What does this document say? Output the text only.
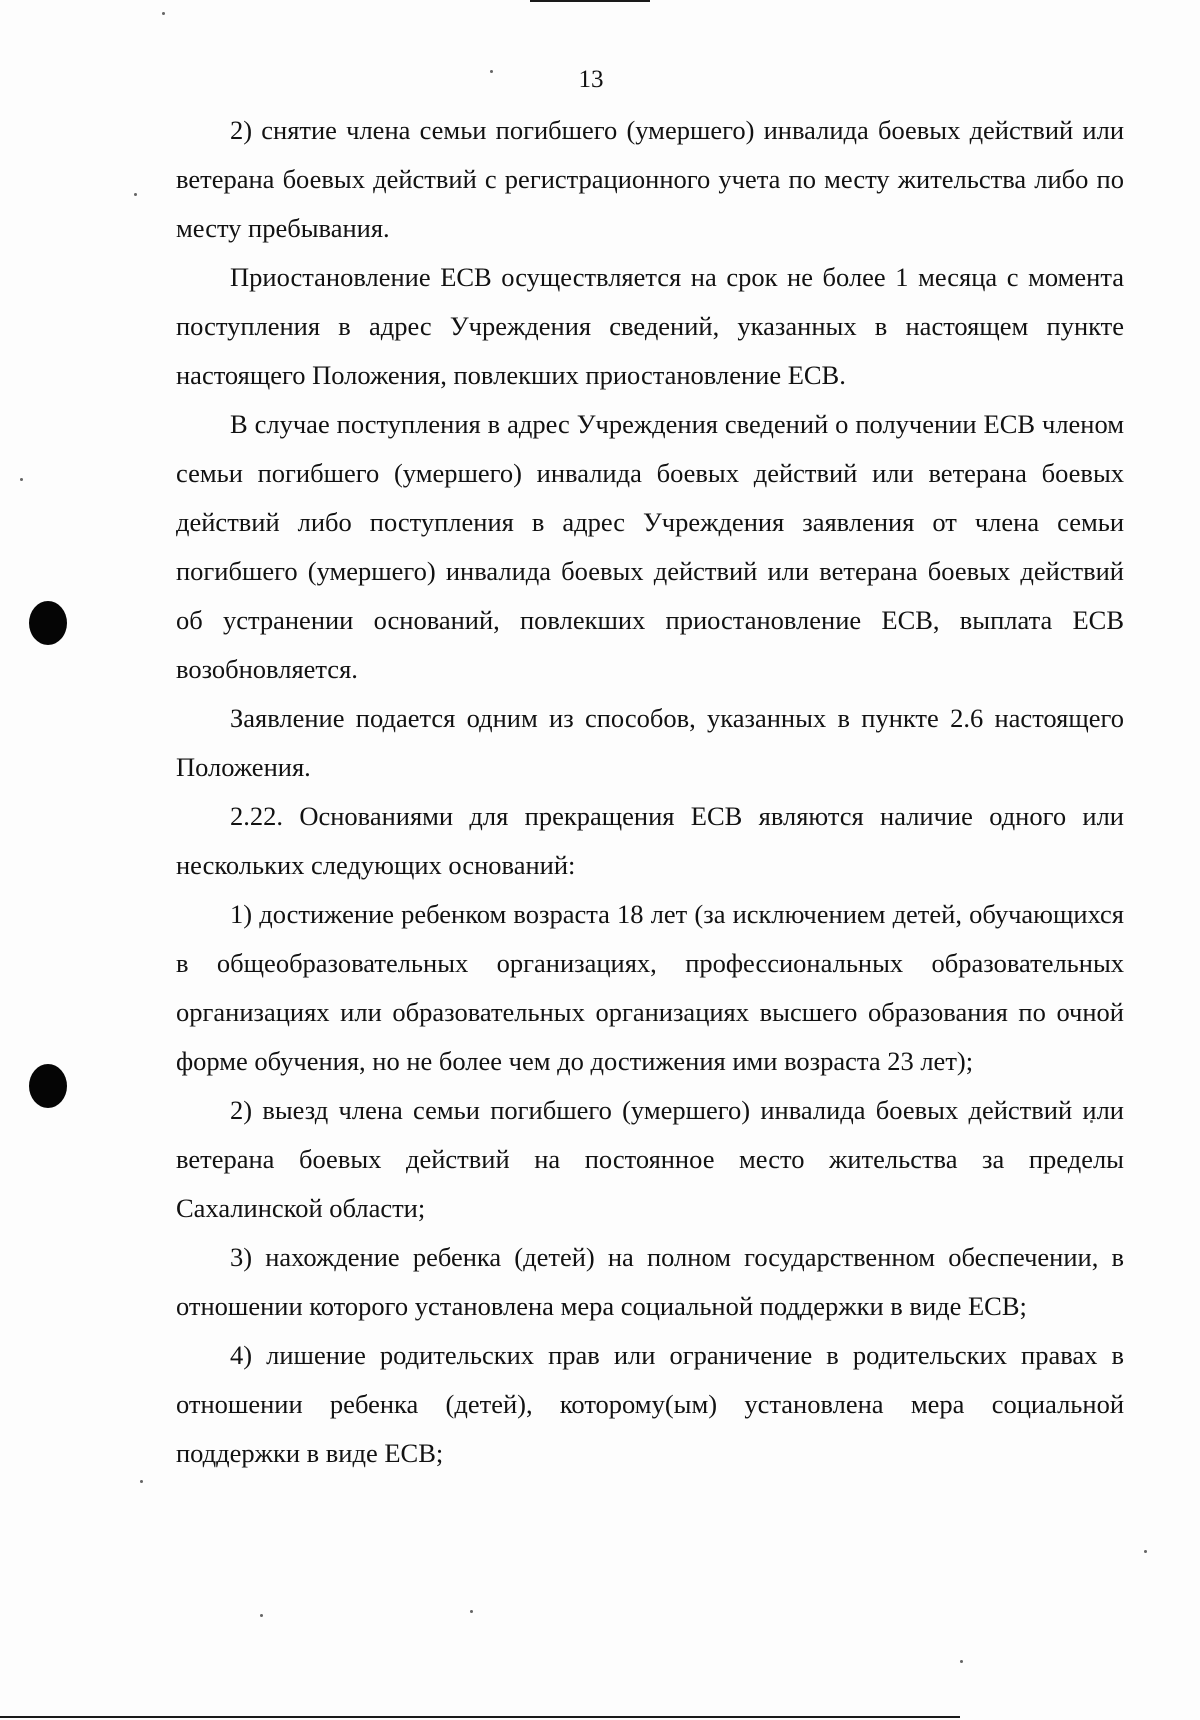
13

2) снятие члена семьи погибшего (умершего) инвалида боевых действий или ветерана боевых действий с регистрационного учета по месту жительства либо по месту пребывания.

Приостановление ЕСВ осуществляется на срок не более 1 месяца с момента поступления в адрес Учреждения сведений, указанных в настоящем пункте настоящего Положения, повлекших приостановление ЕСВ.

В случае поступления в адрес Учреждения сведений о получении ЕСВ членом семьи погибшего (умершего) инвалида боевых действий или ветерана боевых действий либо поступления в адрес Учреждения заявления от члена семьи погибшего (умершего) инвалида боевых действий или ветерана боевых действий об устранении оснований, повлекших приостановление ЕСВ, выплата ЕСВ возобновляется.

Заявление подается одним из способов, указанных в пункте 2.6 настоящего Положения.

2.22. Основаниями для прекращения ЕСВ являются наличие одного или нескольких следующих оснований:

1) достижение ребенком возраста 18 лет (за исключением детей, обучающихся в общеобразовательных организациях, профессиональных образовательных организациях или образовательных организациях высшего образования по очной форме обучения, но не более чем до достижения ими возраста 23 лет);

2) выезд члена семьи погибшего (умершего) инвалида боевых действий или ветерана боевых действий на постоянное место жительства за пределы Сахалинской области;

3) нахождение ребенка (детей) на полном государственном обеспечении, в отношении которого установлена мера социальной поддержки в виде ЕСВ;

4) лишение родительских прав или ограничение в родительских правах в отношении ребенка (детей), которому(ым) установлена мера социальной поддержки в виде ЕСВ;
